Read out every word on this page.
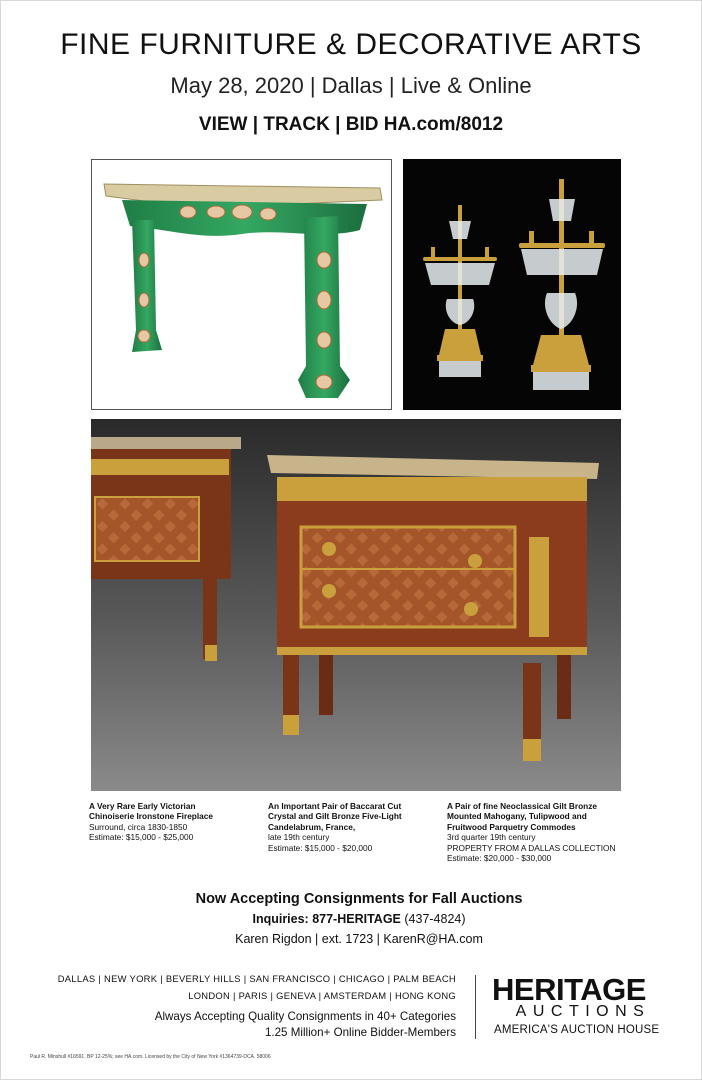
FINE FURNITURE & DECORATIVE ARTS
May 28, 2020 | Dallas | Live & Online
VIEW | TRACK | BID HA.com/8012
A Very Rare Early Victorian
Chinoiserie Ironstone Fireplace
Surround, circa 1830-1850
Estimate: $15,000 - $25,000
An Important Pair of Baccarat Cut
Crystal and Gilt Bronze Five-Light
Candelabrum, France,
late 19th century
Estimate: $15,000 - $20,000
A Pair of fine Neoclassical Gilt Bronze
Mounted Mahogany, Tulipwood and
Fruitwood Parquetry Commodes
3rd quarter 19th century
PROPERTY FROM A DALLAS COLLECTION
Estimate: $20,000 - $30,000
Now Accepting Consignments for Fall Auctions
Inquiries: 877-HERITAGE (437-4824)
Karen Rigdon | ext. 1723 | KarenR@HA.com
DALLAS | NEW YORK | BEVERLY HILLS | SAN FRANCISCO | CHICAGO | PALM BEACH
LONDON | PARIS | GENEVA | AMSTERDAM | HONG KONG
Always Accepting Quality Consignments in 40+ Categories
1.25 Million+ Online Bidder-Members
HERITAGE
AUCTIONS
AMERICA'S AUCTION HOUSE
Paul R. Minshull #16591. BP 12-25%; see HA.com. Licensed by the City of New York #1364739-DCA. 58006
